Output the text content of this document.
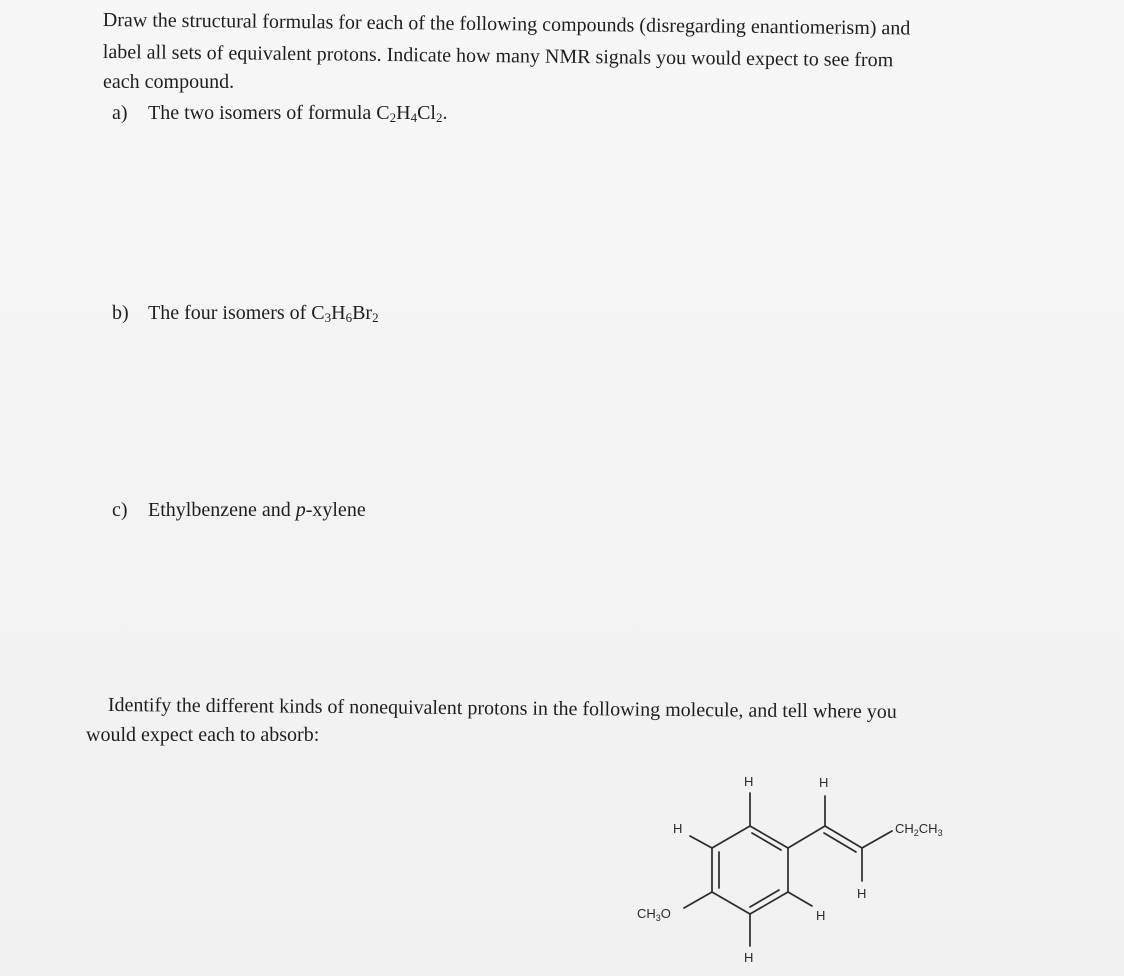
Draw the structural formulas for each of the following compounds (disregarding enantiomerism) and
label all sets of equivalent protons. Indicate how many NMR signals you would expect to see from
each compound.
a) The two isomers of formula $C_2H_4Cl_2$.
b) The four isomers of $C_3H_6Br_2$
c) Ethylbenzene and p-xylene
Identify the different kinds of nonequivalent protons in the following molecule, and tell where you
would expect each to absorb:
H	H
H
H
H
H
$CH_3O$
$CH_2CH_3$
